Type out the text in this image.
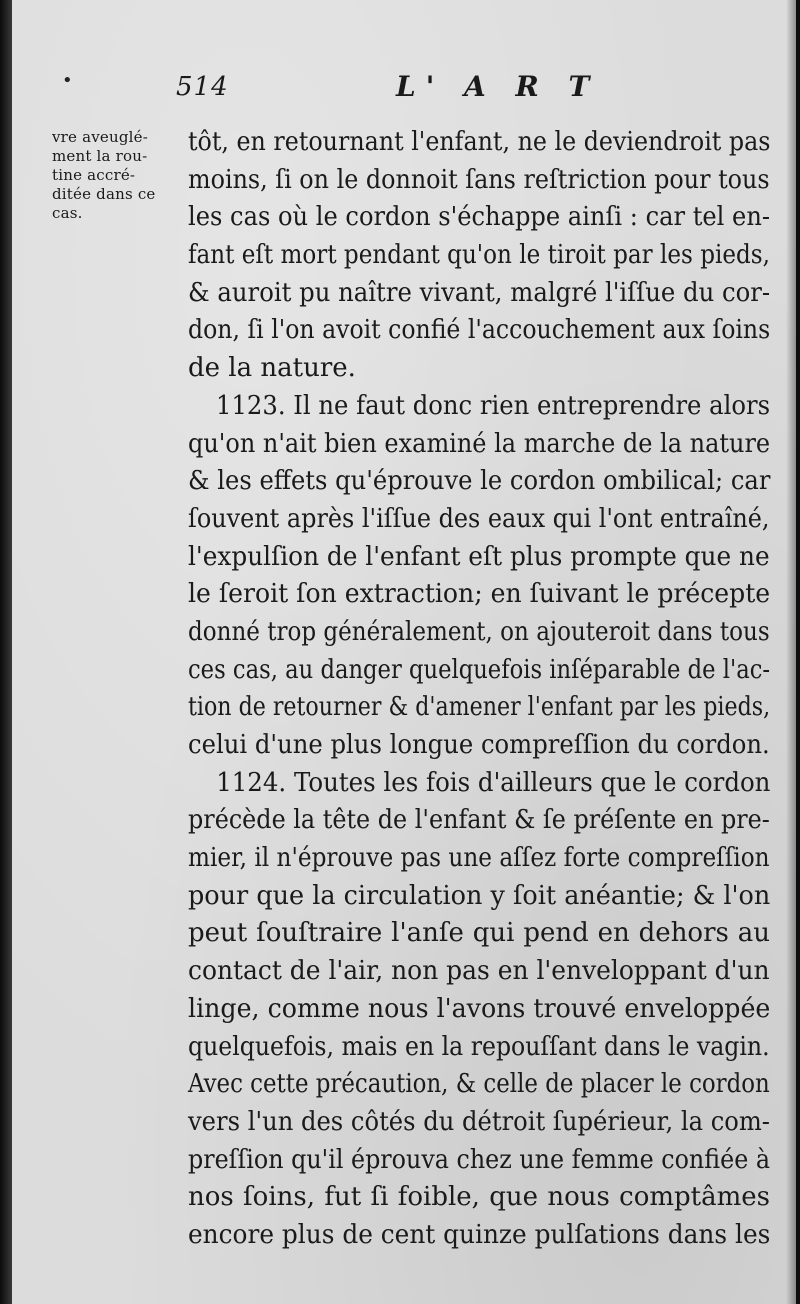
•	514	L' A R T
vre aveuglé-
ment la rou-
tine accré-
ditée dans ce
cas.
tôt, en retournant l'enfant, ne le deviendroit pas
moins, ſi on le donnoit ſans reſtriction pour tous
les cas où le cordon s'échappe ainſi : car tel en-
fant eſt mort pendant qu'on le tiroit par les pieds,
& auroit pu naître vivant, malgré l'iſſue du cor-
don, ſi l'on avoit confié l'accouchement aux ſoins
de la nature.
1123. Il ne faut donc rien entreprendre alors
qu'on n'ait bien examiné la marche de la nature
& les effets qu'éprouve le cordon ombilical; car
ſouvent après l'iſſue des eaux qui l'ont entraîné,
l'expulſion de l'enfant eſt plus prompte que ne
le ſeroit ſon extraction; en ſuivant le précepte
donné trop généralement, on ajouteroit dans tous
ces cas, au danger quelquefois inſéparable de l'ac-
tion de retourner & d'amener l'enfant par les pieds,
celui d'une plus longue compreſſion du cordon.
1124. Toutes les fois d'ailleurs que le cordon
précède la tête de l'enfant & ſe préſente en pre-
mier, il n'éprouve pas une aſſez forte compreſſion
pour que la circulation y ſoit anéantie; & l'on
peut ſouſtraire l'anſe qui pend en dehors au
contact de l'air, non pas en l'enveloppant d'un
linge, comme nous l'avons trouvé enveloppée
quelquefois, mais en la repouſſant dans le vagin.
Avec cette précaution, & celle de placer le cordon
vers l'un des côtés du détroit ſupérieur, la com-
preſſion qu'il éprouva chez une femme confiée à
nos ſoins, fut ſi foible, que nous comptâmes
encore plus de cent quinze pulſations dans les
